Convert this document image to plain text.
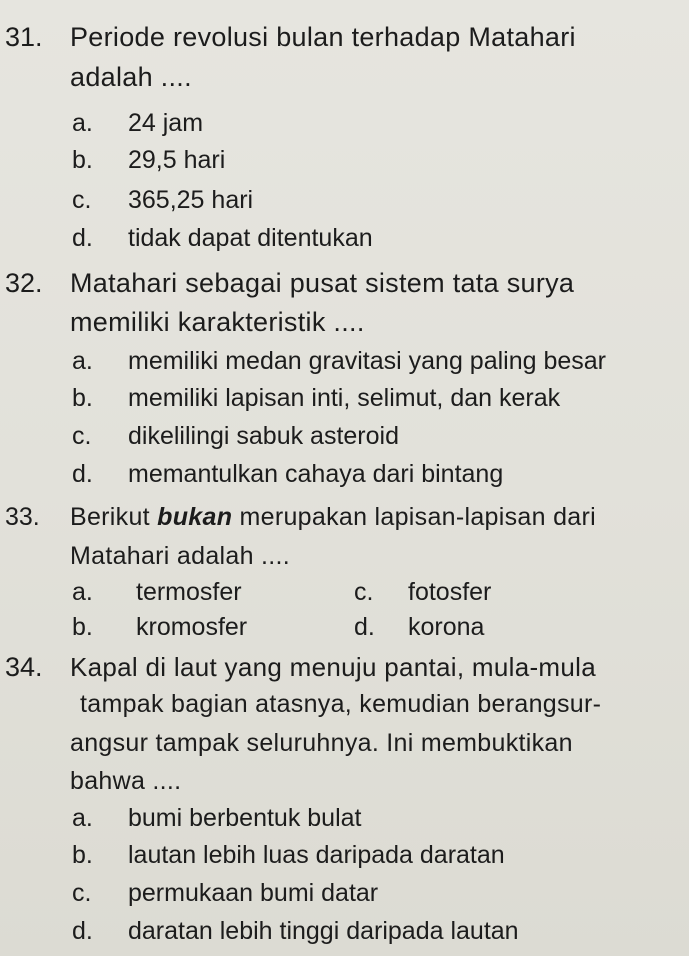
31. Periode revolusi bulan terhadap Matahari
adalah ....
a. 24 jam
b. 29,5 hari
c. 365,25 hari
d. tidak dapat ditentukan
32. Matahari sebagai pusat sistem tata surya
memiliki karakteristik ....
a. memiliki medan gravitasi yang paling besar
b. memiliki lapisan inti, selimut, dan kerak
c. dikelilingi sabuk asteroid
d. memantulkan cahaya dari bintang
33. Berikut bukan merupakan lapisan-lapisan dari
Matahari adalah ....
a. termosfer	c. fotosfer
b. kromosfer	d. korona
34. Kapal di laut yang menuju pantai, mula-mula
tampak bagian atasnya, kemudian berangsur-
angsur tampak seluruhnya. Ini membuktikan
bahwa ....
a. bumi berbentuk bulat
b. lautan lebih luas daripada daratan
c. permukaan bumi datar
d. daratan lebih tinggi daripada lautan
